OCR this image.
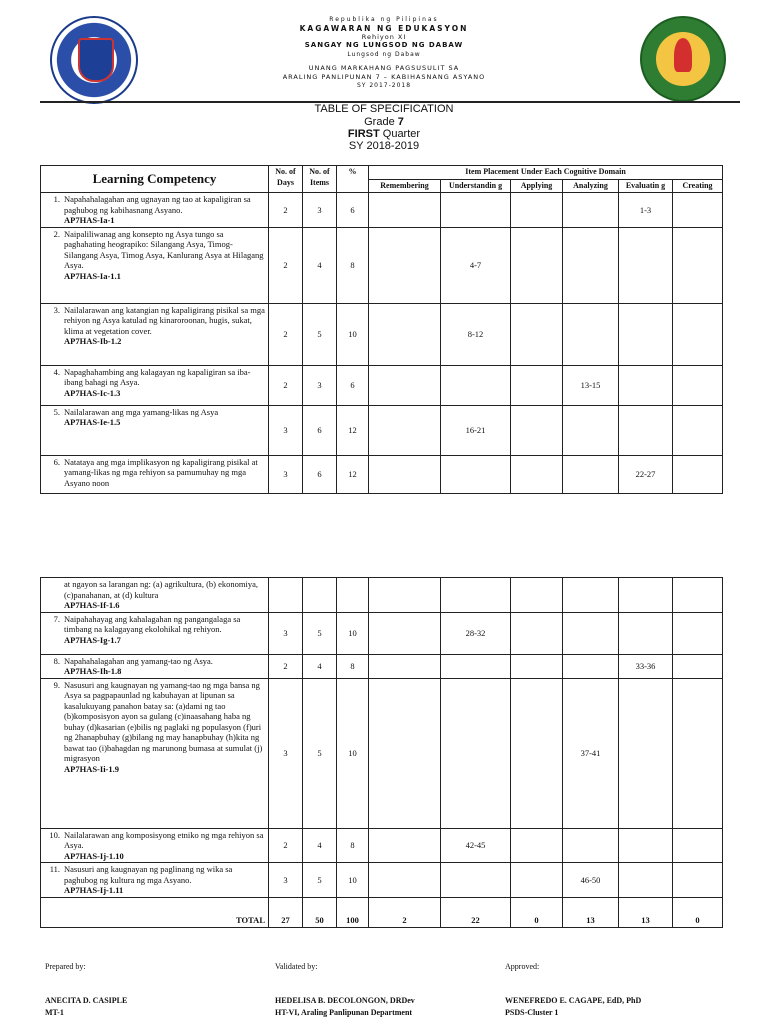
Republika ng Pilipinas
KAGAWARAN NG EDUKASYON
Rehiyon XI
SANGAY NG LUNGSOD NG DABAW
Lungsod ng Dabaw
UNANG MARKAHANG PAGSUSULIT SA
ARALING PANLIPUNAN 7 – KABIHASNANG ASYANO
SY 2017-2018
TABLE OF SPECIFICATION
Grade 7
FIRST Quarter
SY 2018-2019
Learning Competency	No. of Days	No. of Items	%	Item Placement Under Each Cognitive Domain					
				Remembering	Understandin g	Applying	Analyzing	Evaluatin g	Creating

1. Napahahalagahan ang ugnayan ng tao at kapaligiran sa paghubog ng kabihasnang Asyano.
AP7HAS-Ia-1	2	3	6					1-3	

2. Naipaliliwanag ang konsepto ng Asya tungo sa paghahating heograpiko: Silangang Asya, Timog-Silangang Asya, Timog Asya, Kanlurang Asya at Hilagang Asya.
AP7HAS-Ia-1.1	2	4	8		4-7				

3. Nailalarawan ang katangian ng kapaligirang pisikal sa mga rehiyon ng Asya katulad ng kinaroroonan, hugis, sukat, klima at vegetation cover.
AP7HAS-Ib-1.2	2	5	10		8-12				

4. Napaghahambing ang kalagayan ng kapaligiran sa iba-ibang bahagi ng Asya.
AP7HAS-Ic-1.3	2	3	6				13-15		

5. Nailalarawan ang mga yamang-likas ng Asya
AP7HAS-Ie-1.5	3	6	12		16-21				

6. Natataya ang mga implikasyon ng kapaligirang pisikal at yamang-likas ng mga rehiyon sa pamumuhay ng mga Asyano noon	3	6	12					22-27	
at ngayon sa larangan ng: (a) agrikultura, (b) ekonomiya, (c)panahanan, at (d) kultura
AP7HAS-If-1.6									

7. Naipahahayag ang kahalagahan ng pangangalaga sa timbang na kalagayang ekolohikal ng rehiyon.
AP7HAS-Ig-1.7	3	5	10		28-32				

8. Napahahalagahan ang yamang-tao ng Asya.
AP7HAS-Ih-1.8	2	4	8					33-36	

9. Nasusuri ang kaugnayan ng yamang-tao ng mga bansa ng Asya sa pagpapaunlad ng kabuhayan at lipunan sa kasalukuyang panahon batay sa: (a)dami ng tao (b)komposisyon ayon sa gulang (c)inaasahang haba ng buhay (d)kasarian (e)bilis ng paglaki ng populasyon (f)uri ng 2hanapbuhay (g)bilang ng may hanapbuhay (h)kita ng bawat tao (i)bahagdan ng marunong bumasa at sumulat (j) migrasyon
AP7HAS-Ii-1.9	3	5	10				37-41		

10. Nailalarawan ang komposisyong etniko ng mga rehiyon sa Asya.
AP7HAS-Ij-1.10	2	4	8		42-45				

11. Nasusuri ang kaugnayan ng paglinang ng wika sa paghubog ng kultura ng mga Asyano.
AP7HAS-Ij-1.11	3	5	10				46-50		
TOTAL	27	50	100	2	22	0	13	13	0
Prepared by:	Validated by:	Approved:
ANECITA D. CASIPLE
MT-1
HEDELISA B. DECOLONGON, DRDev
HT-VI, Araling Panlipunan Department
WENEFREDO E. CAGAPE, EdD, PhD
PSDS-Cluster 1
